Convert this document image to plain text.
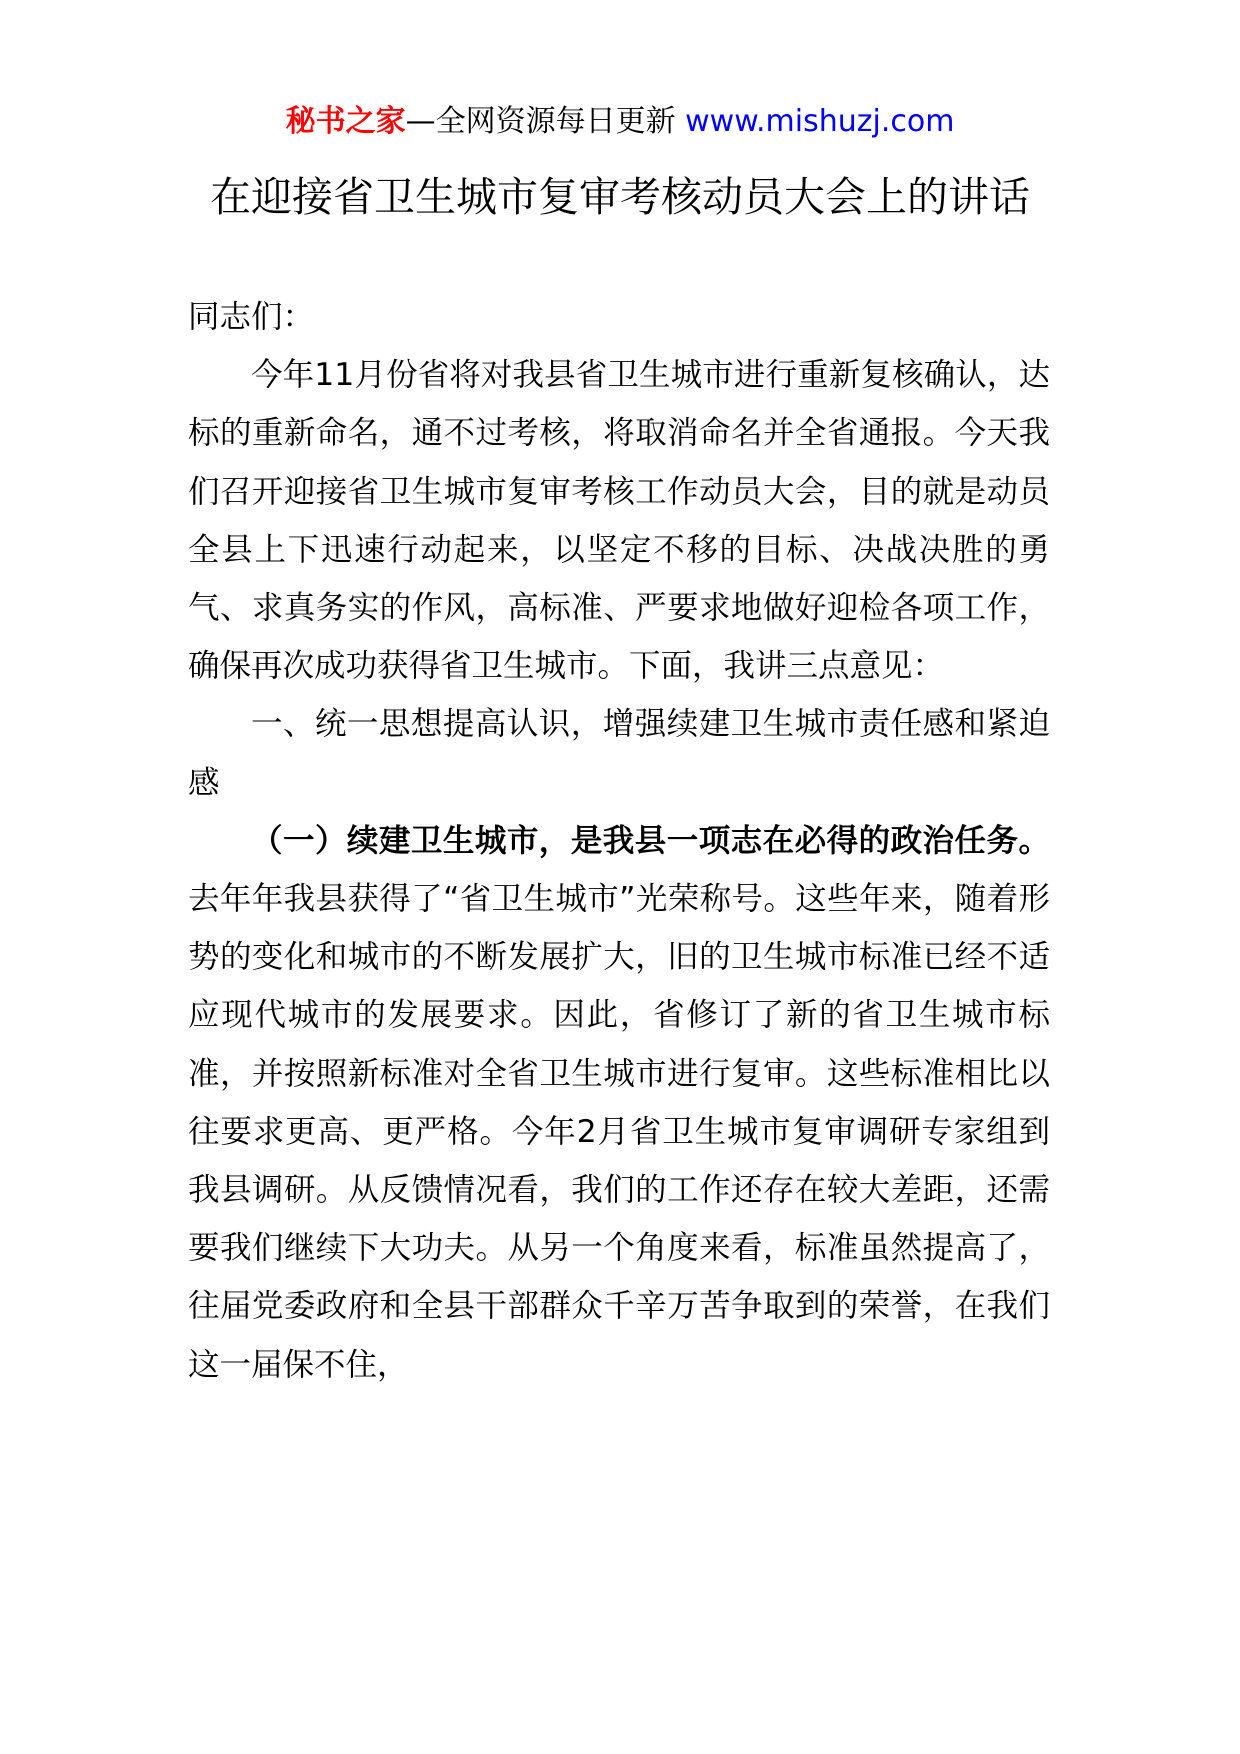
秘书之家—全网资源每日更新 www.mishuzj.com
在迎接省卫生城市复审考核动员大会上的讲话

同志们：

今年11月份省将对我县省卫生城市进行重新复核确认，达标的重新命名，通不过考核，将取消命名并全省通报。今天我们召开迎接省卫生城市复审考核工作动员大会，目的就是动员全县上下迅速行动起来，以坚定不移的目标、决战决胜的勇气、求真务实的作风，高标准、严要求地做好迎检各项工作，确保再次成功获得省卫生城市。下面，我讲三点意见：

一、统一思想提高认识，增强续建卫生城市责任感和紧迫感

（一）续建卫生城市，是我县一项志在必得的政治任务。去年年我县获得了“省卫生城市”光荣称号。这些年来，随着形势的变化和城市的不断发展扩大，旧的卫生城市标准已经不适应现代城市的发展要求。因此，省修订了新的省卫生城市标准，并按照新标准对全省卫生城市进行复审。这些标准相比以往要求更高、更严格。今年2月省卫生城市复审调研专家组到我县调研。从反馈情况看，我们的工作还存在较大差距，还需要我们继续下大功夫。从另一个角度来看，标准虽然提高了，往届党委政府和全县干部群众千辛万苦争取到的荣誉，在我们这一届保不住，
